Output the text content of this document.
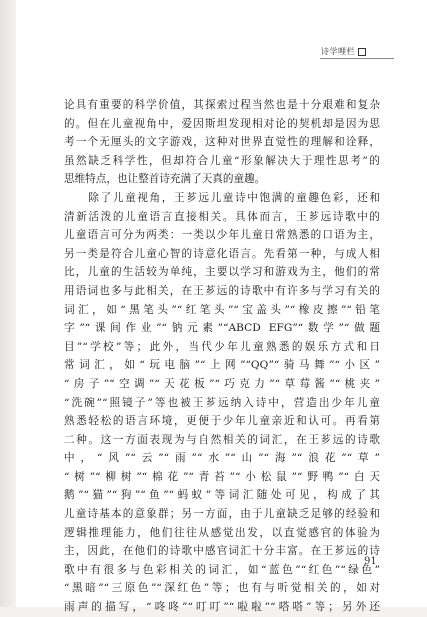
诗学哩栏
论具有重要的科学价值，其探索过程当然也是十分艰难和复杂
的。但在儿童视角中，爱因斯坦发现相对论的契机却是因为思
考一个无厘头的文字游戏，这种对世界直觉性的理解和诠释，
虽然缺乏科学性，但却符合儿童“形象解决大于理性思考”的
思维特点，也让整首诗充满了天真的童趣。
　　除了儿童视角，王芗远儿童诗中饱满的童趣色彩，还和
清新活泼的儿童语言直接相关。具体而言，王芗远诗歌中的
儿童语言可分为两类：一类以少年儿童日常熟悉的口语为主，
另一类是符合儿童心智的诗意化语言。先看第一种，与成人相
比，儿童的生活较为单纯，主要以学习和游戏为主，他们的常
用语词也多与此相关，在王芗远的诗歌中有许多与学习有关的
词汇，如“黑笔头”“红笔头”“宝盖头”“橡皮擦”“铅笔
字”“课间作业”“钠元素”“ABCD EFG”“数学”“做题
目”“学校”等；此外，当代少年儿童熟悉的娱乐方式和日
常词汇，如“玩电脑”“上网”“QQ”“骑马舞”“小区”
“房子”“空调”“天花板”“巧克力”“草莓酱”“桃夹”
“洗碗”“照镜子”等也被王芗远纳入诗中，营造出少年儿童
熟悉轻松的语言环境，更便于少年儿童亲近和认可。再看第
二种。这一方面表现为与自然相关的词汇，在王芗远的诗歌
中，“风”“云”“雨”“水”“山”“海”“浪花”“草”
“树”“柳树”“棉花”“青苔”“小松鼠”“野鸭”“白天
鹅”“猫”“狗”“鱼”“蚂蚁”等词汇随处可见，构成了其
儿童诗基本的意象群；另一方面，由于儿童缺乏足够的经验和
逻辑推理能力，他们往往从感觉出发，以直觉感官的体验为
主，因此，在他们的诗歌中感官词汇十分丰富。在王芗远的诗
歌中有很多与色彩相关的词汇，如“蓝色”“红色”“绿色”
“黑暗”“三原色”“深红色”等；也有与听觉相关的，如对
雨声的描写，“咚咚”“叮叮”“啦啦”“嗒嗒”等；另外还
91
